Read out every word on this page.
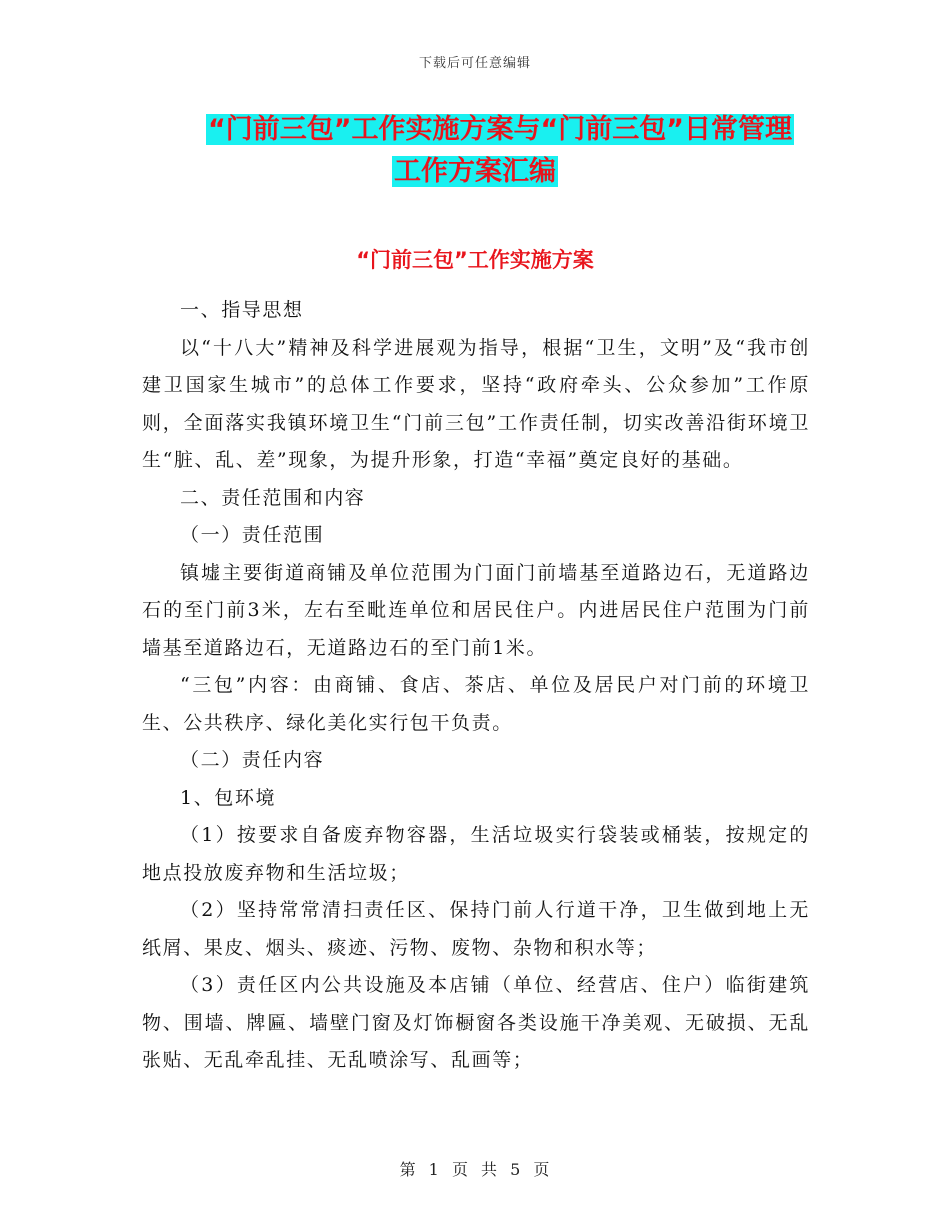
下载后可任意编辑
“门前三包”工作实施方案与“门前三包”日常管理
工作方案汇编
“门前三包”工作实施方案

一、指导思想

以“十八大”精神及科学进展观为指导，根据“卫生，文明”及“我市创建卫国家生城市”的总体工作要求，坚持“政府牵头、公众参加”工作原则，全面落实我镇环境卫生“门前三包”工作责任制，切实改善沿街环境卫生“脏、乱、差”现象，为提升形象，打造“幸福”奠定良好的基础。

二、责任范围和内容

（一）责任范围

镇墟主要街道商铺及单位范围为门面门前墙基至道路边石，无道路边石的至门前3米，左右至毗连单位和居民住户。内进居民住户范围为门前墙基至道路边石，无道路边石的至门前1米。

“三包”内容：由商铺、食店、茶店、单位及居民户对门前的环境卫生、公共秩序、绿化美化实行包干负责。

（二）责任内容

1、包环境

（1）按要求自备废弃物容器，生活垃圾实行袋装或桶装，按规定的地点投放废弃物和生活垃圾；

（2）坚持常常清扫责任区、保持门前人行道干净，卫生做到地上无纸屑、果皮、烟头、痰迹、污物、废物、杂物和积水等；

（3）责任区内公共设施及本店铺（单位、经营店、住户）临街建筑物、围墙、牌匾、墙壁门窗及灯饰橱窗各类设施干净美观、无破损、无乱张贴、无乱牵乱挂、无乱喷涂写、乱画等；

第 1 页 共 5 页
